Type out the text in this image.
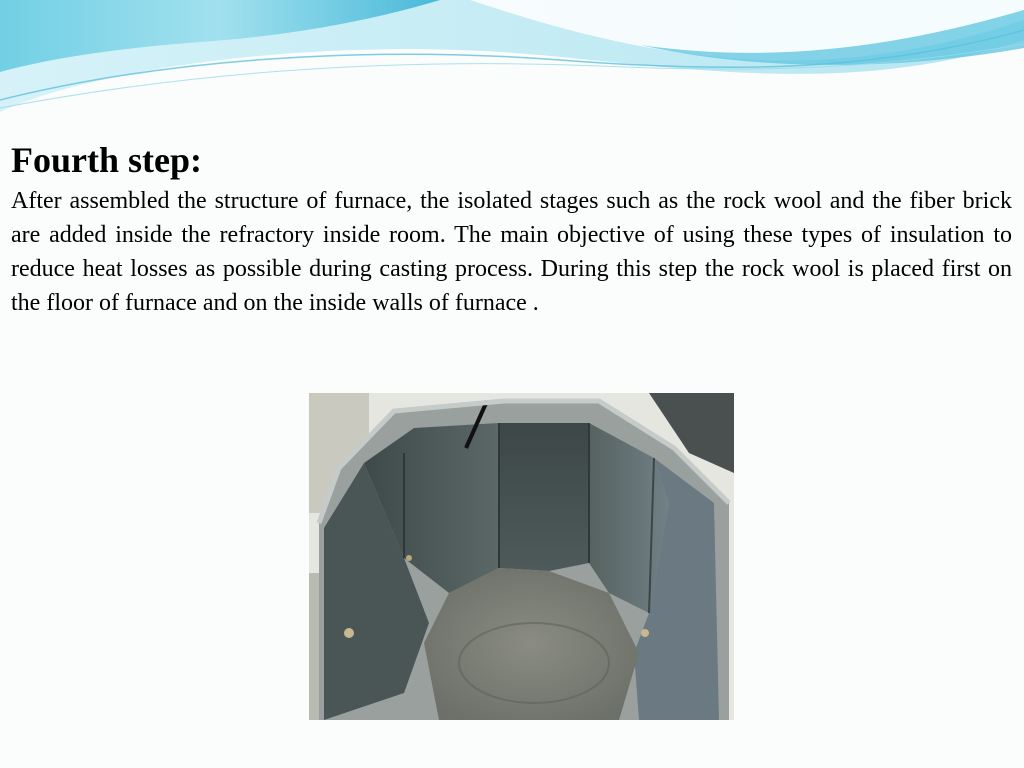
Fourth step:

After assembled the structure of furnace, the isolated stages such as the rock wool and the fiber brick are added inside the refractory inside room. The main objective of using these types of insulation to reduce heat losses as possible during casting process. During this step the rock wool is placed first on the floor of furnace and on the inside walls of furnace .
